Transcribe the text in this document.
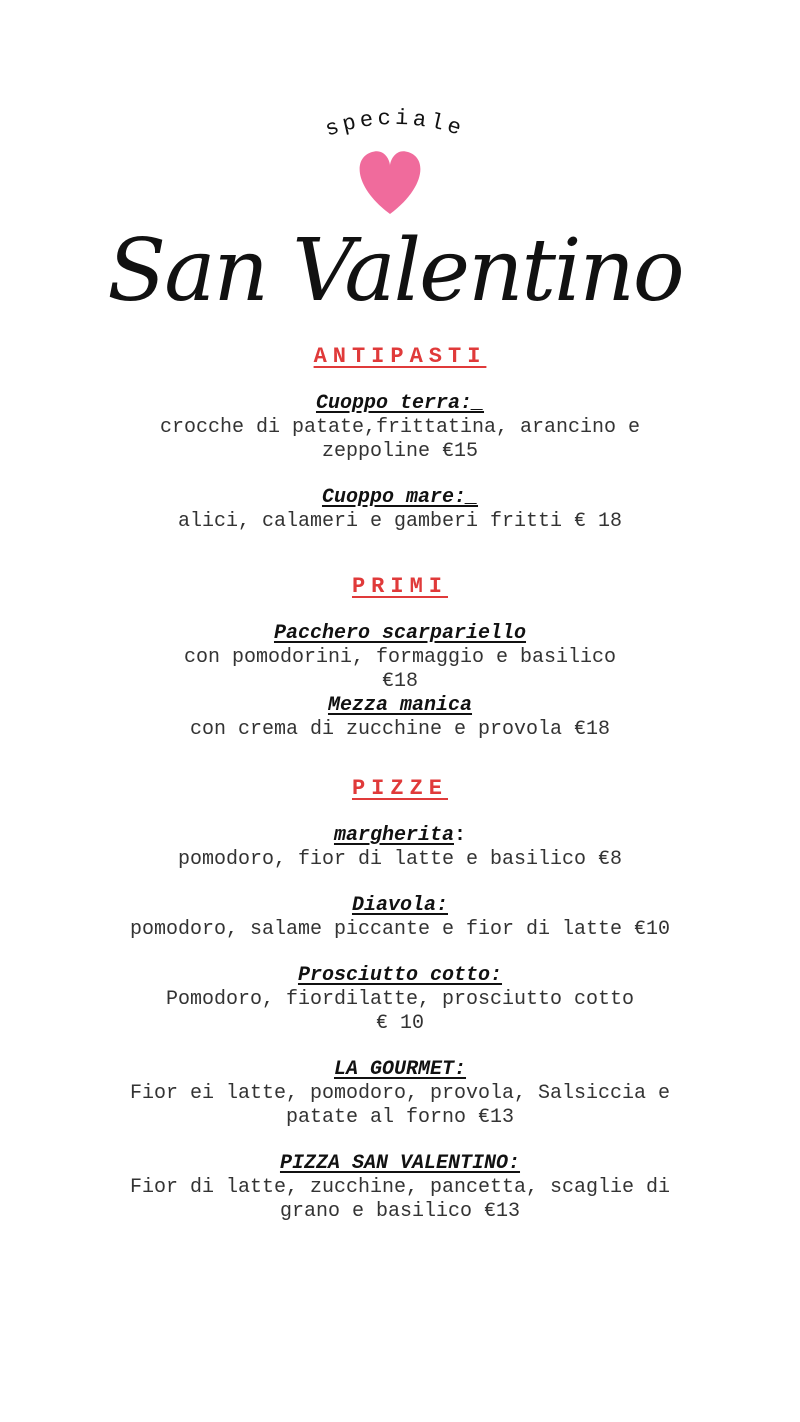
speciale
San Valentino
ANTIPASTI
Cuoppo terra:_
crocche di patate,frittatina, arancino e
zeppoline €15
Cuoppo mare:_
alici, calameri e gamberi fritti € 18
PRIMI
Pacchero scarpariello
con pomodorini, formaggio e basilico
€18
Mezza manica
con crema di zucchine e provola €18
PIZZE
margherita:
pomodoro, fior di latte e basilico €8
Diavola:
pomodoro, salame piccante e fior di latte €10
Prosciutto cotto:
Pomodoro, fiordilatte, prosciutto cotto
€ 10
LA GOURMET:
Fior ei latte, pomodoro, provola, Salsiccia e
patate al forno €13
PIZZA SAN VALENTINO:
Fior di latte, zucchine, pancetta, scaglie di
grano e basilico €13
